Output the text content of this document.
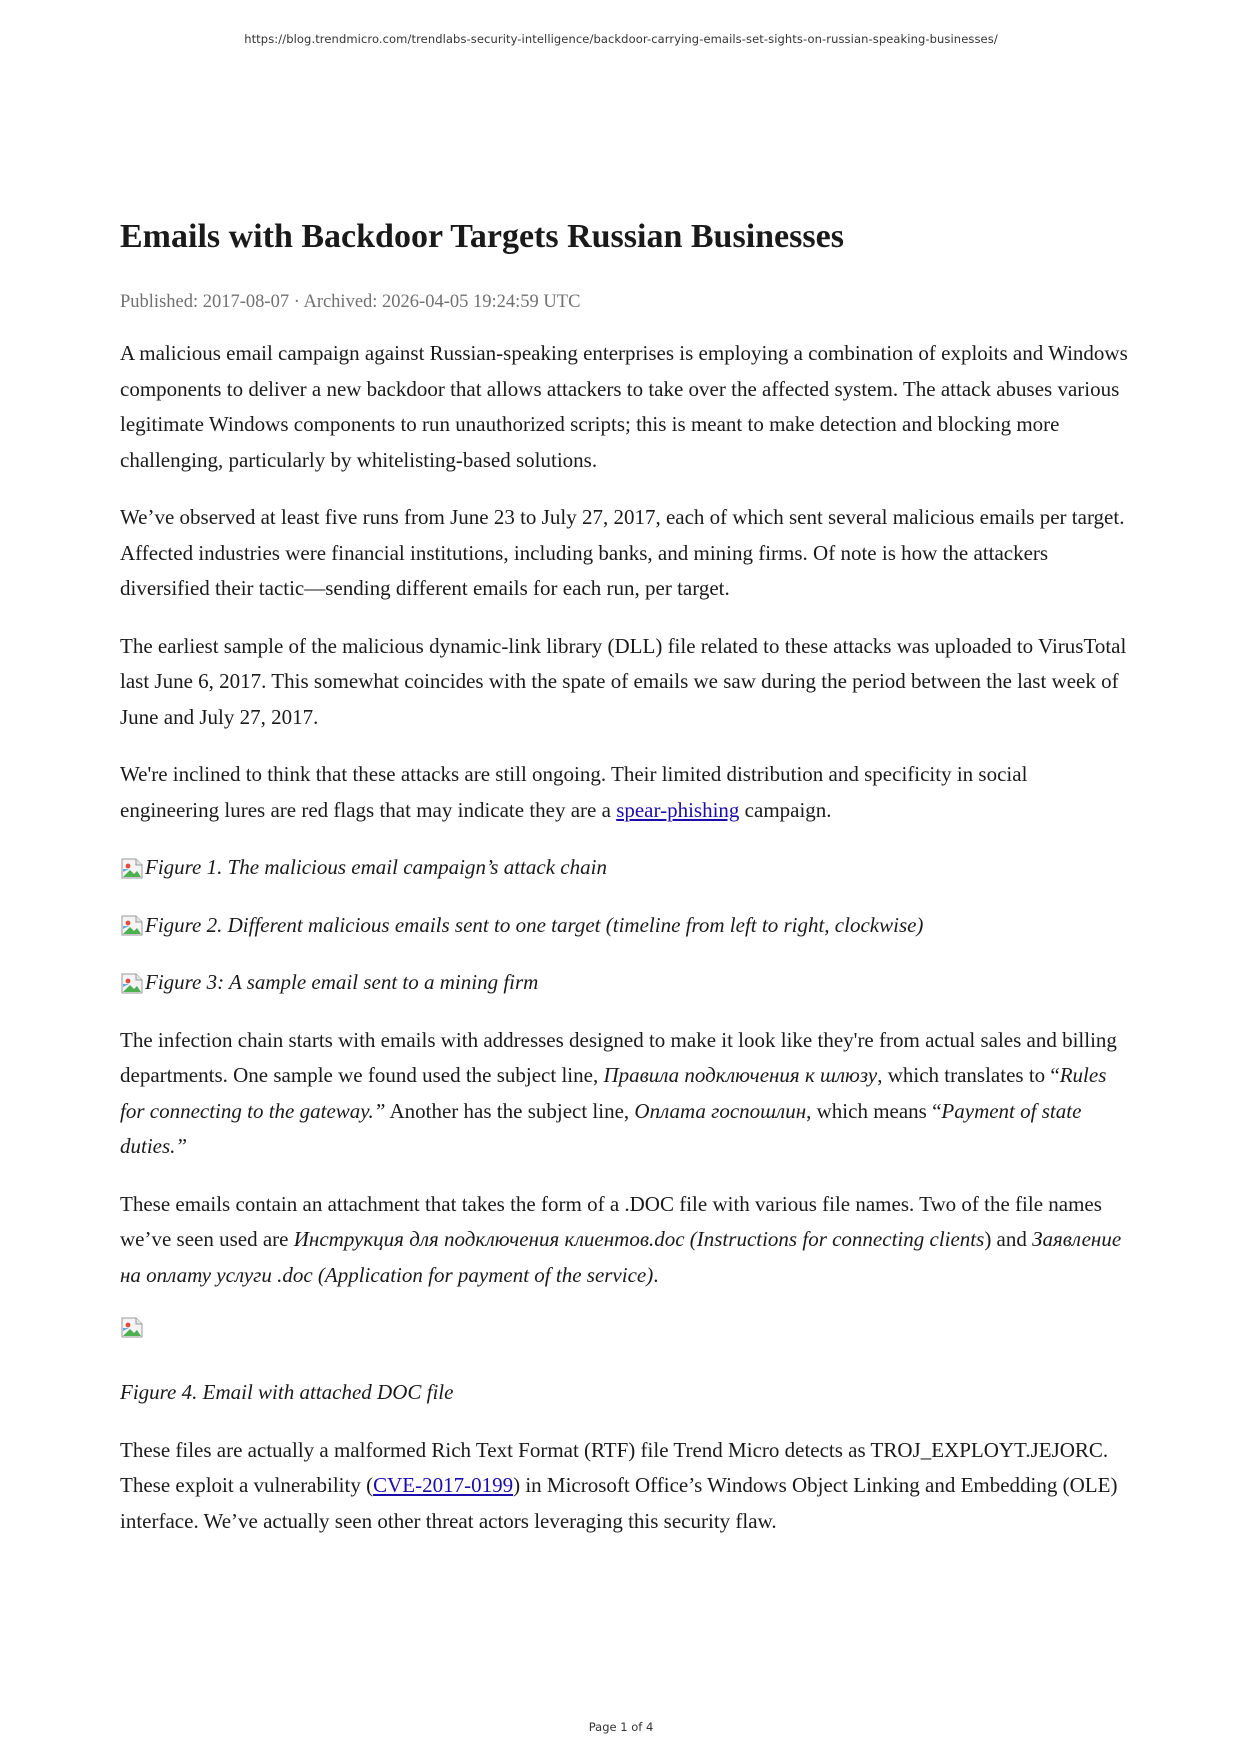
https://blog.trendmicro.com/trendlabs-security-intelligence/backdoor-carrying-emails-set-sights-on-russian-speaking-businesses/
Emails with Backdoor Targets Russian Businesses
Published: 2017-08-07 · Archived: 2026-04-05 19:24:59 UTC

A malicious email campaign against Russian-speaking enterprises is employing a combination of exploits and Windows components to deliver a new backdoor that allows attackers to take over the affected system. The attack abuses various legitimate Windows components to run unauthorized scripts; this is meant to make detection and blocking more challenging, particularly by whitelisting-based solutions.

We’ve observed at least five runs from June 23 to July 27, 2017, each of which sent several malicious emails per target. Affected industries were financial institutions, including banks, and mining firms. Of note is how the attackers diversified their tactic—sending different emails for each run, per target.

The earliest sample of the malicious dynamic-link library (DLL) file related to these attacks was uploaded to VirusTotal last June 6, 2017. This somewhat coincides with the spate of emails we saw during the period between the last week of June and July 27, 2017.

We're inclined to think that these attacks are still ongoing. Their limited distribution and specificity in social engineering lures are red flags that may indicate they are a spear-phishing campaign.

Figure 1. The malicious email campaign’s attack chain

Figure 2. Different malicious emails sent to one target (timeline from left to right, clockwise)

Figure 3: A sample email sent to a mining firm

The infection chain starts with emails with addresses designed to make it look like they're from actual sales and billing departments. One sample we found used the subject line, Правила подключения к шлюзу, which translates to “Rules for connecting to the gateway.” Another has the subject line, Оплата госпошлин, which means “Payment of state duties.”

These emails contain an attachment that takes the form of a .DOC file with various file names. Two of the file names we’ve seen used are Инструкция для подключения клиентов.doc (Instructions for connecting clients) and Заявление на оплату услуги .doc (Application for payment of the service).

Figure 4. Email with attached DOC file

These files are actually a malformed Rich Text Format (RTF) file Trend Micro detects as TROJ_EXPLOYT.JEJORC. These exploit a vulnerability (CVE-2017-0199) in Microsoft Office’s Windows Object Linking and Embedding (OLE) interface. We’ve actually seen other threat actors leveraging this security flaw.

Page 1 of 4
